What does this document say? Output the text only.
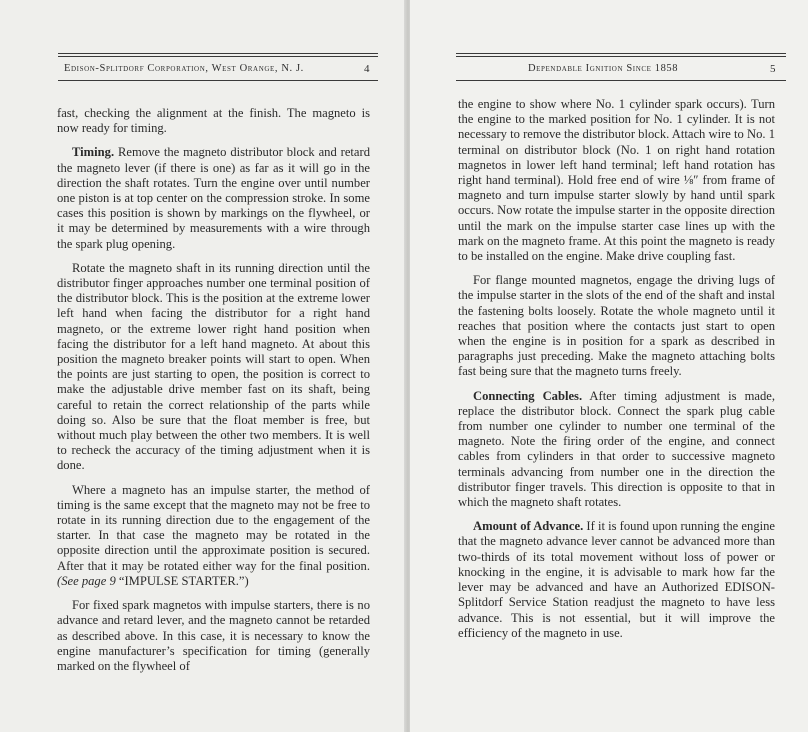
Edison-Splitdorf Corporation, West Orange, N. J.	4

fast, checking the alignment at the finish. The magneto is now ready for timing.

Timing. Remove the magneto distributor block and retard the magneto lever (if there is one) as far as it will go in the direction the shaft rotates. Turn the engine over until number one piston is at top center on the compression stroke. In some cases this position is shown by markings on the flywheel, or it may be determined by measurements with a wire through the spark plug opening.

Rotate the magneto shaft in its running direction until the distributor finger approaches number one terminal position of the distributor block. This is the position at the extreme lower left hand when facing the distributor for a right hand magneto, or the extreme lower right hand position when facing the distributor for a left hand magneto. At about this position the magneto breaker points will start to open. When the points are just starting to open, the position is correct to make the adjustable drive member fast on its shaft, being careful to retain the correct relationship of the parts while doing so. Also be sure that the float member is free, but without much play between the other two members. It is well to recheck the accuracy of the timing adjustment when it is done.

Where a magneto has an impulse starter, the method of timing is the same except that the magneto may not be free to rotate in its running direction due to the engagement of the starter. In that case the magneto may be rotated in the opposite direction until the approximate position is secured. After that it may be rotated either way for the final position. (See page 9 “IMPULSE STARTER.”)

For fixed spark magnetos with impulse starters, there is no advance and retard lever, and the magneto cannot be retarded as described above. In this case, it is necessary to know the engine manufacturer’s specification for timing (generally marked on the flywheel of

Dependable Ignition Since 1858	5

the engine to show where No. 1 cylinder spark occurs). Turn the engine to the marked position for No. 1 cylinder. It is not necessary to remove the distributor block. Attach wire to No. 1 terminal on distributor block (No. 1 on right hand rotation magnetos in lower left hand terminal; left hand rotation has right hand terminal). Hold free end of wire ⅛″ from frame of magneto and turn impulse starter slowly by hand until spark occurs. Now rotate the impulse starter in the opposite direction until the mark on the impulse starter case lines up with the mark on the magneto frame. At this point the magneto is ready to be installed on the engine. Make drive coupling fast.

For flange mounted magnetos, engage the driving lugs of the impulse starter in the slots of the end of the shaft and instal the fastening bolts loosely. Rotate the whole magneto until it reaches that position where the contacts just start to open when the engine is in position for a spark as described in paragraphs just preceding. Make the magneto attaching bolts fast being sure that the magneto turns freely.

Connecting Cables. After timing adjustment is made, replace the distributor block. Connect the spark plug cable from number one cylinder to number one terminal of the magneto. Note the firing order of the engine, and connect cables from cylinders in that order to successive magneto terminals advancing from number one in the direction the distributor finger travels. This direction is opposite to that in which the magneto shaft rotates.

Amount of Advance. If it is found upon running the engine that the magneto advance lever cannot be advanced more than two-thirds of its total movement without loss of power or knocking in the engine, it is advisable to mark how far the lever may be advanced and have an Authorized EDISON-Splitdorf Service Station readjust the magneto to have less advance. This is not essential, but it will improve the efficiency of the magneto in use.
